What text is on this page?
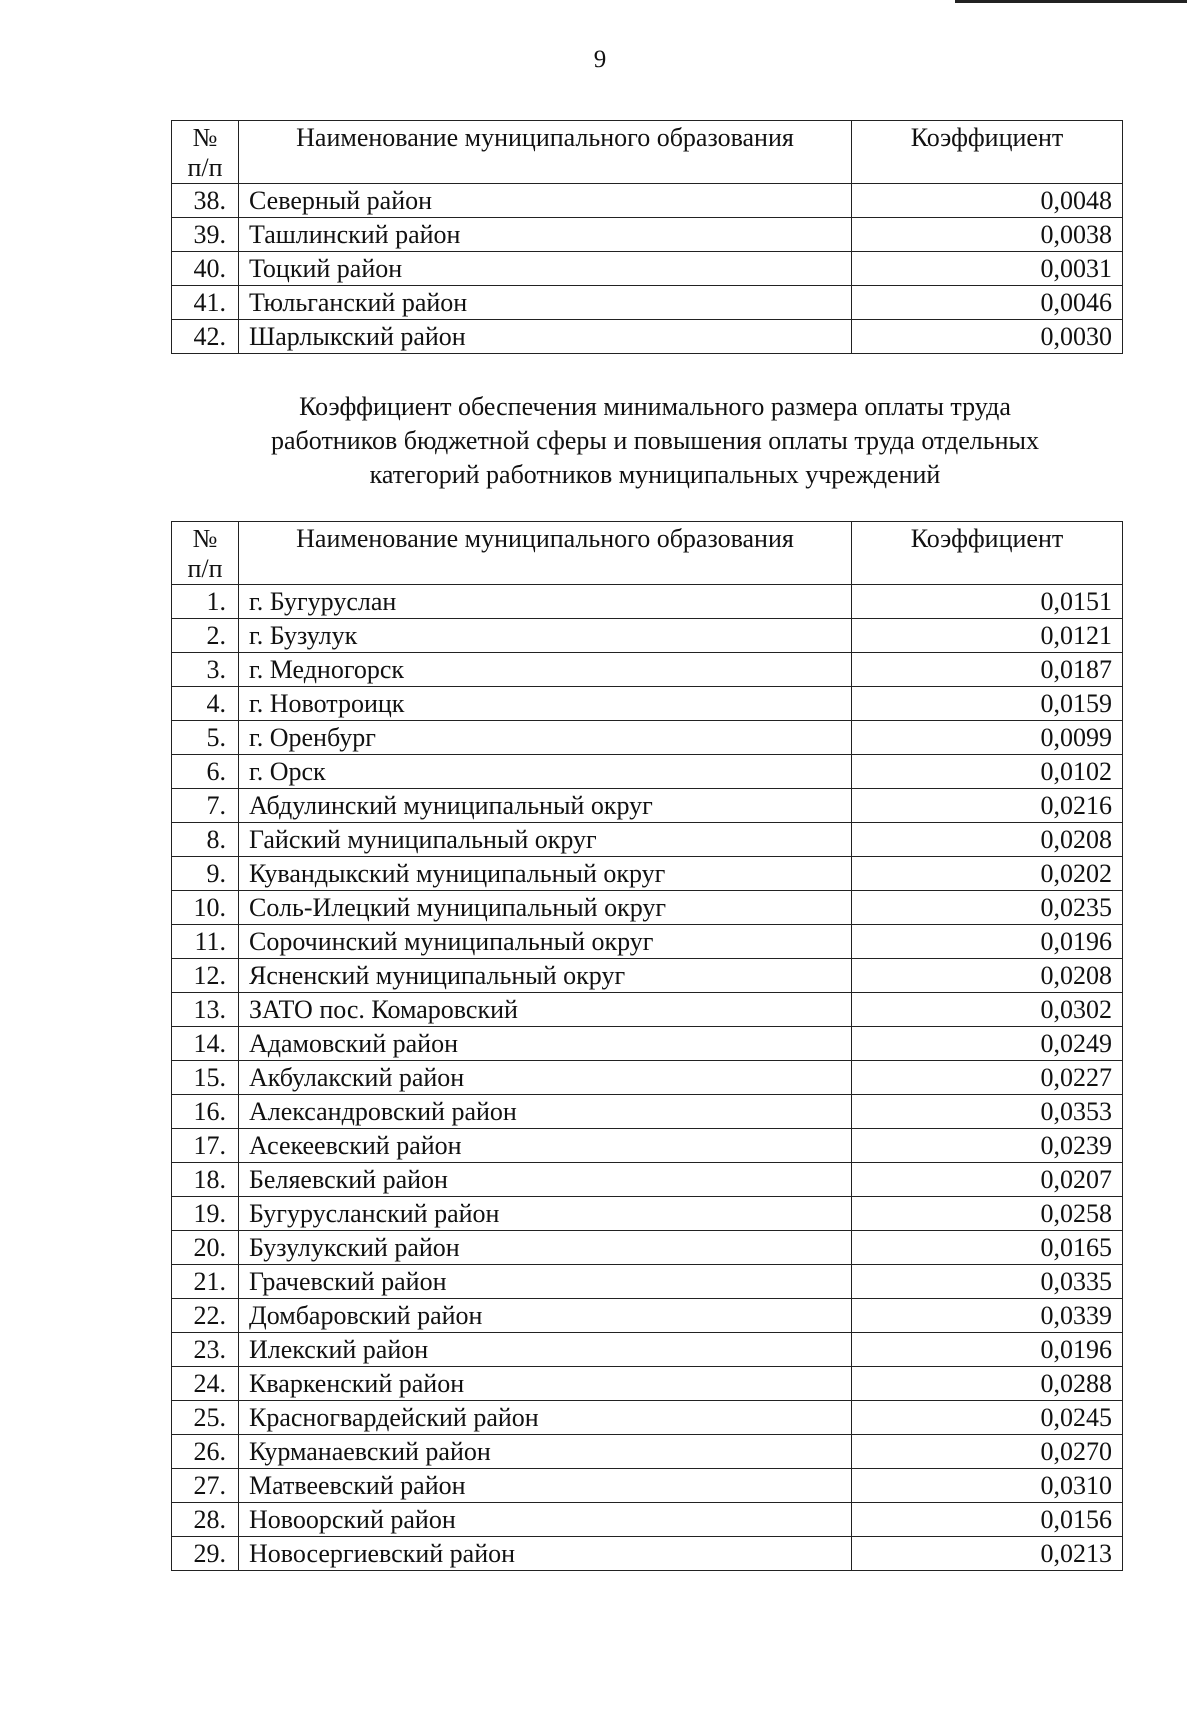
9
№ п/п	Наименование муниципального образования	Коэффициент
38.	Северный район	0,0048
39.	Ташлинский район	0,0038
40.	Тоцкий район	0,0031
41.	Тюльганский район	0,0046
42.	Шарлыкский район	0,0030
Коэффициент обеспечения минимального размера оплаты труда
работников бюджетной сферы и повышения оплаты труда отдельных
категорий работников муниципальных учреждений
№ п/п	Наименование муниципального образования	Коэффициент
1.	г. Бугуруслан	0,0151
2.	г. Бузулук	0,0121
3.	г. Медногорск	0,0187
4.	г. Новотроицк	0,0159
5.	г. Оренбург	0,0099
6.	г. Орск	0,0102
7.	Абдулинский муниципальный округ	0,0216
8.	Гайский муниципальный округ	0,0208
9.	Кувандыкский муниципальный округ	0,0202
10.	Соль-Илецкий муниципальный округ	0,0235
11.	Сорочинский муниципальный округ	0,0196
12.	Ясненский муниципальный округ	0,0208
13.	ЗАТО пос. Комаровский	0,0302
14.	Адамовский район	0,0249
15.	Акбулакский район	0,0227
16.	Александровский район	0,0353
17.	Асекеевский район	0,0239
18.	Беляевский район	0,0207
19.	Бугурусланский район	0,0258
20.	Бузулукский район	0,0165
21.	Грачевский район	0,0335
22.	Домбаровский район	0,0339
23.	Илекский район	0,0196
24.	Кваркенский район	0,0288
25.	Красногвардейский район	0,0245
26.	Курманаевский район	0,0270
27.	Матвеевский район	0,0310
28.	Новоорский район	0,0156
29.	Новосергиевский район	0,0213
